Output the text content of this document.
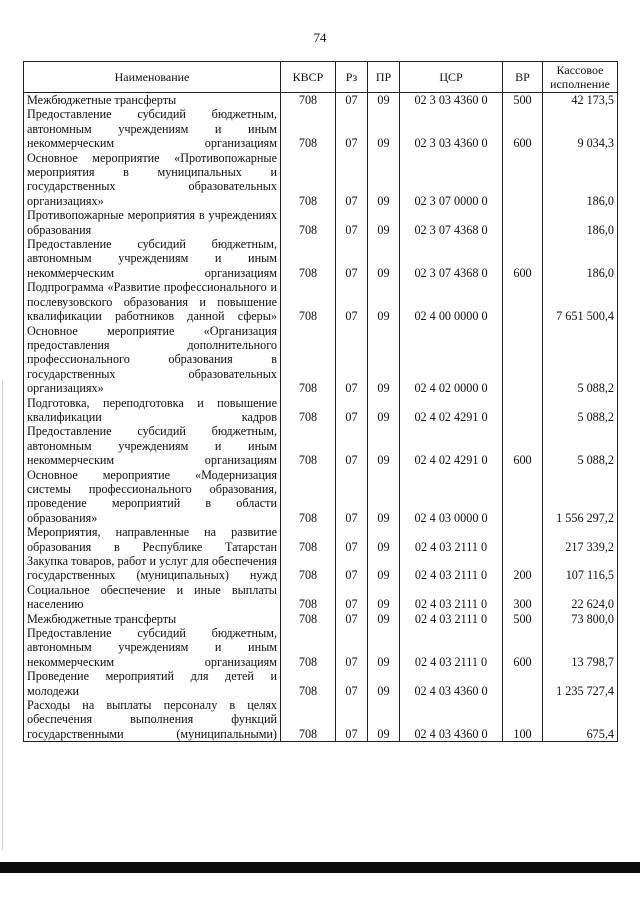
74
Наименование	КВСР	Рз	ПР	ЦСР	ВР	Кассовое исполнение
Межбюджетные трансферты	708	07	09	02 3 03 4360 0	500	42 173,5
Предоставление субсидий бюджетным, автономным учреждениям и иным некоммерческим организациям	708	07	09	02 3 03 4360 0	600	9 034,3
Основное мероприятие «Противопожарные мероприятия в муниципальных и государственных образовательных организациях»	708	07	09	02 3 07 0000 0		186,0
Противопожарные мероприятия в учреждениях образования	708	07	09	02 3 07 4368 0		186,0
Предоставление субсидий бюджетным, автономным учреждениям и иным некоммерческим организациям	708	07	09	02 3 07 4368 0	600	186,0
Подпрограмма «Развитие профессионального и послевузовского образования и повышение квалификации работников данной сферы»	708	07	09	02 4 00 0000 0		7 651 500,4
Основное мероприятие «Организация предоставления дополнительного профессионального образования в государственных образовательных организациях»	708	07	09	02 4 02 0000 0		5 088,2
Подготовка, переподготовка и повышение квалификации кадров	708	07	09	02 4 02 4291 0		5 088,2
Предоставление субсидий бюджетным, автономным учреждениям и иным некоммерческим организациям	708	07	09	02 4 02 4291 0	600	5 088,2
Основное мероприятие «Модернизация системы профессионального образования, проведение мероприятий в области образования»	708	07	09	02 4 03 0000 0		1 556 297,2
Мероприятия, направленные на развитие образования в Республике Татарстан	708	07	09	02 4 03 2111 0		217 339,2
Закупка товаров, работ и услуг для обеспечения государственных (муниципальных) нужд	708	07	09	02 4 03 2111 0	200	107 116,5
Социальное обеспечение и иные выплаты населению	708	07	09	02 4 03 2111 0	300	22 624,0
Межбюджетные трансферты	708	07	09	02 4 03 2111 0	500	73 800,0
Предоставление субсидий бюджетным, автономным учреждениям и иным некоммерческим организациям	708	07	09	02 4 03 2111 0	600	13 798,7
Проведение мероприятий для детей и молодежи	708	07	09	02 4 03 4360 0		1 235 727,4
Расходы на выплаты персоналу в целях обеспечения выполнения функций государственными (муниципальными)	708	07	09	02 4 03 4360 0	100	675,4
